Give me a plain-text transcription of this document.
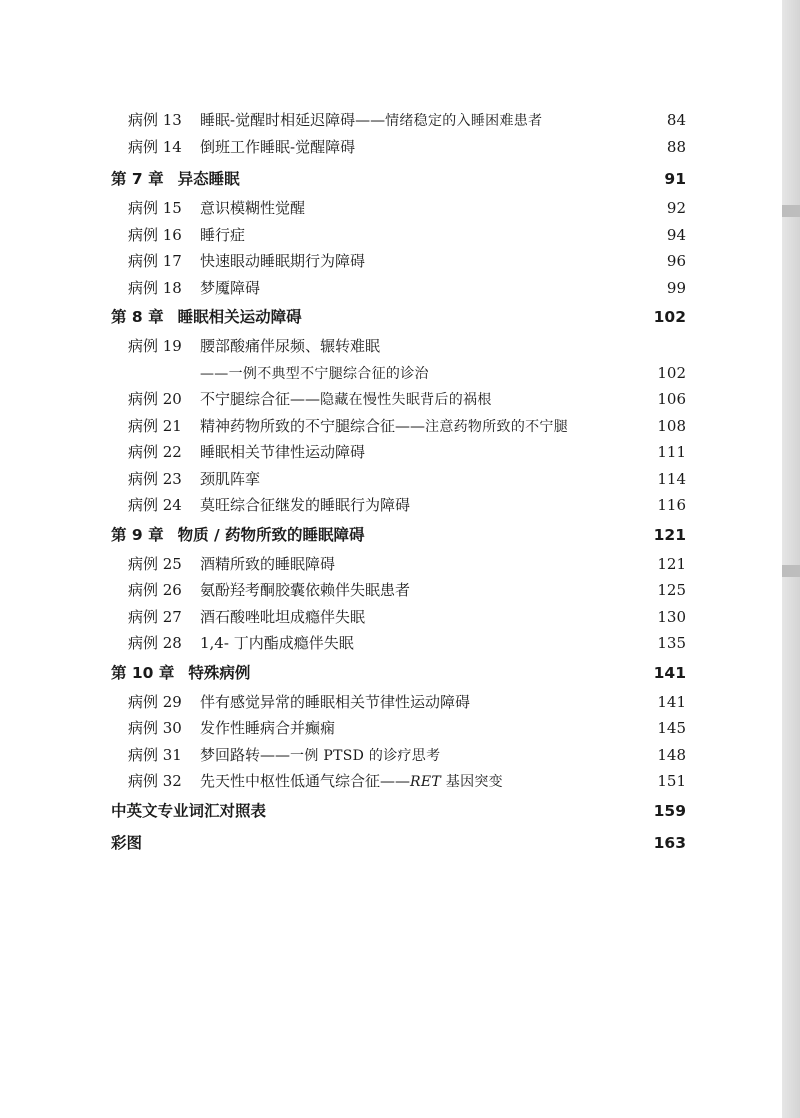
病例 13 睡眠-觉醒时相延迟障碍——情绪稳定的入睡困难患者	84
病例 14 倒班工作睡眠-觉醒障碍	88
第 7 章 异态睡眠	91
病例 15 意识模糊性觉醒	92
病例 16 睡行症	94
病例 17 快速眼动睡眠期行为障碍	96
病例 18 梦魇障碍	99
第 8 章 睡眠相关运动障碍	102
病例 19 腰部酸痛伴尿频、辗转难眠
——一例不典型不宁腿综合征的诊治	102
病例 20 不宁腿综合征——隐藏在慢性失眠背后的祸根	106
病例 21 精神药物所致的不宁腿综合征——注意药物所致的不宁腿	108
病例 22 睡眠相关节律性运动障碍	111
病例 23 颈肌阵挛	114
病例 24 莫旺综合征继发的睡眠行为障碍	116
第 9 章 物质 / 药物所致的睡眠障碍	121
病例 25 酒精所致的睡眠障碍	121
病例 26 氨酚羟考酮胶囊依赖伴失眠患者	125
病例 27 酒石酸唑吡坦成瘾伴失眠	130
病例 28 1,4- 丁内酯成瘾伴失眠	135
第 10 章 特殊病例	141
病例 29 伴有感觉异常的睡眠相关节律性运动障碍	141
病例 30 发作性睡病合并癫痫	145
病例 31 梦回路转——一例 PTSD 的诊疗思考	148
病例 32 先天性中枢性低通气综合征——RET 基因突变	151
中英文专业词汇对照表	159
彩图	163
